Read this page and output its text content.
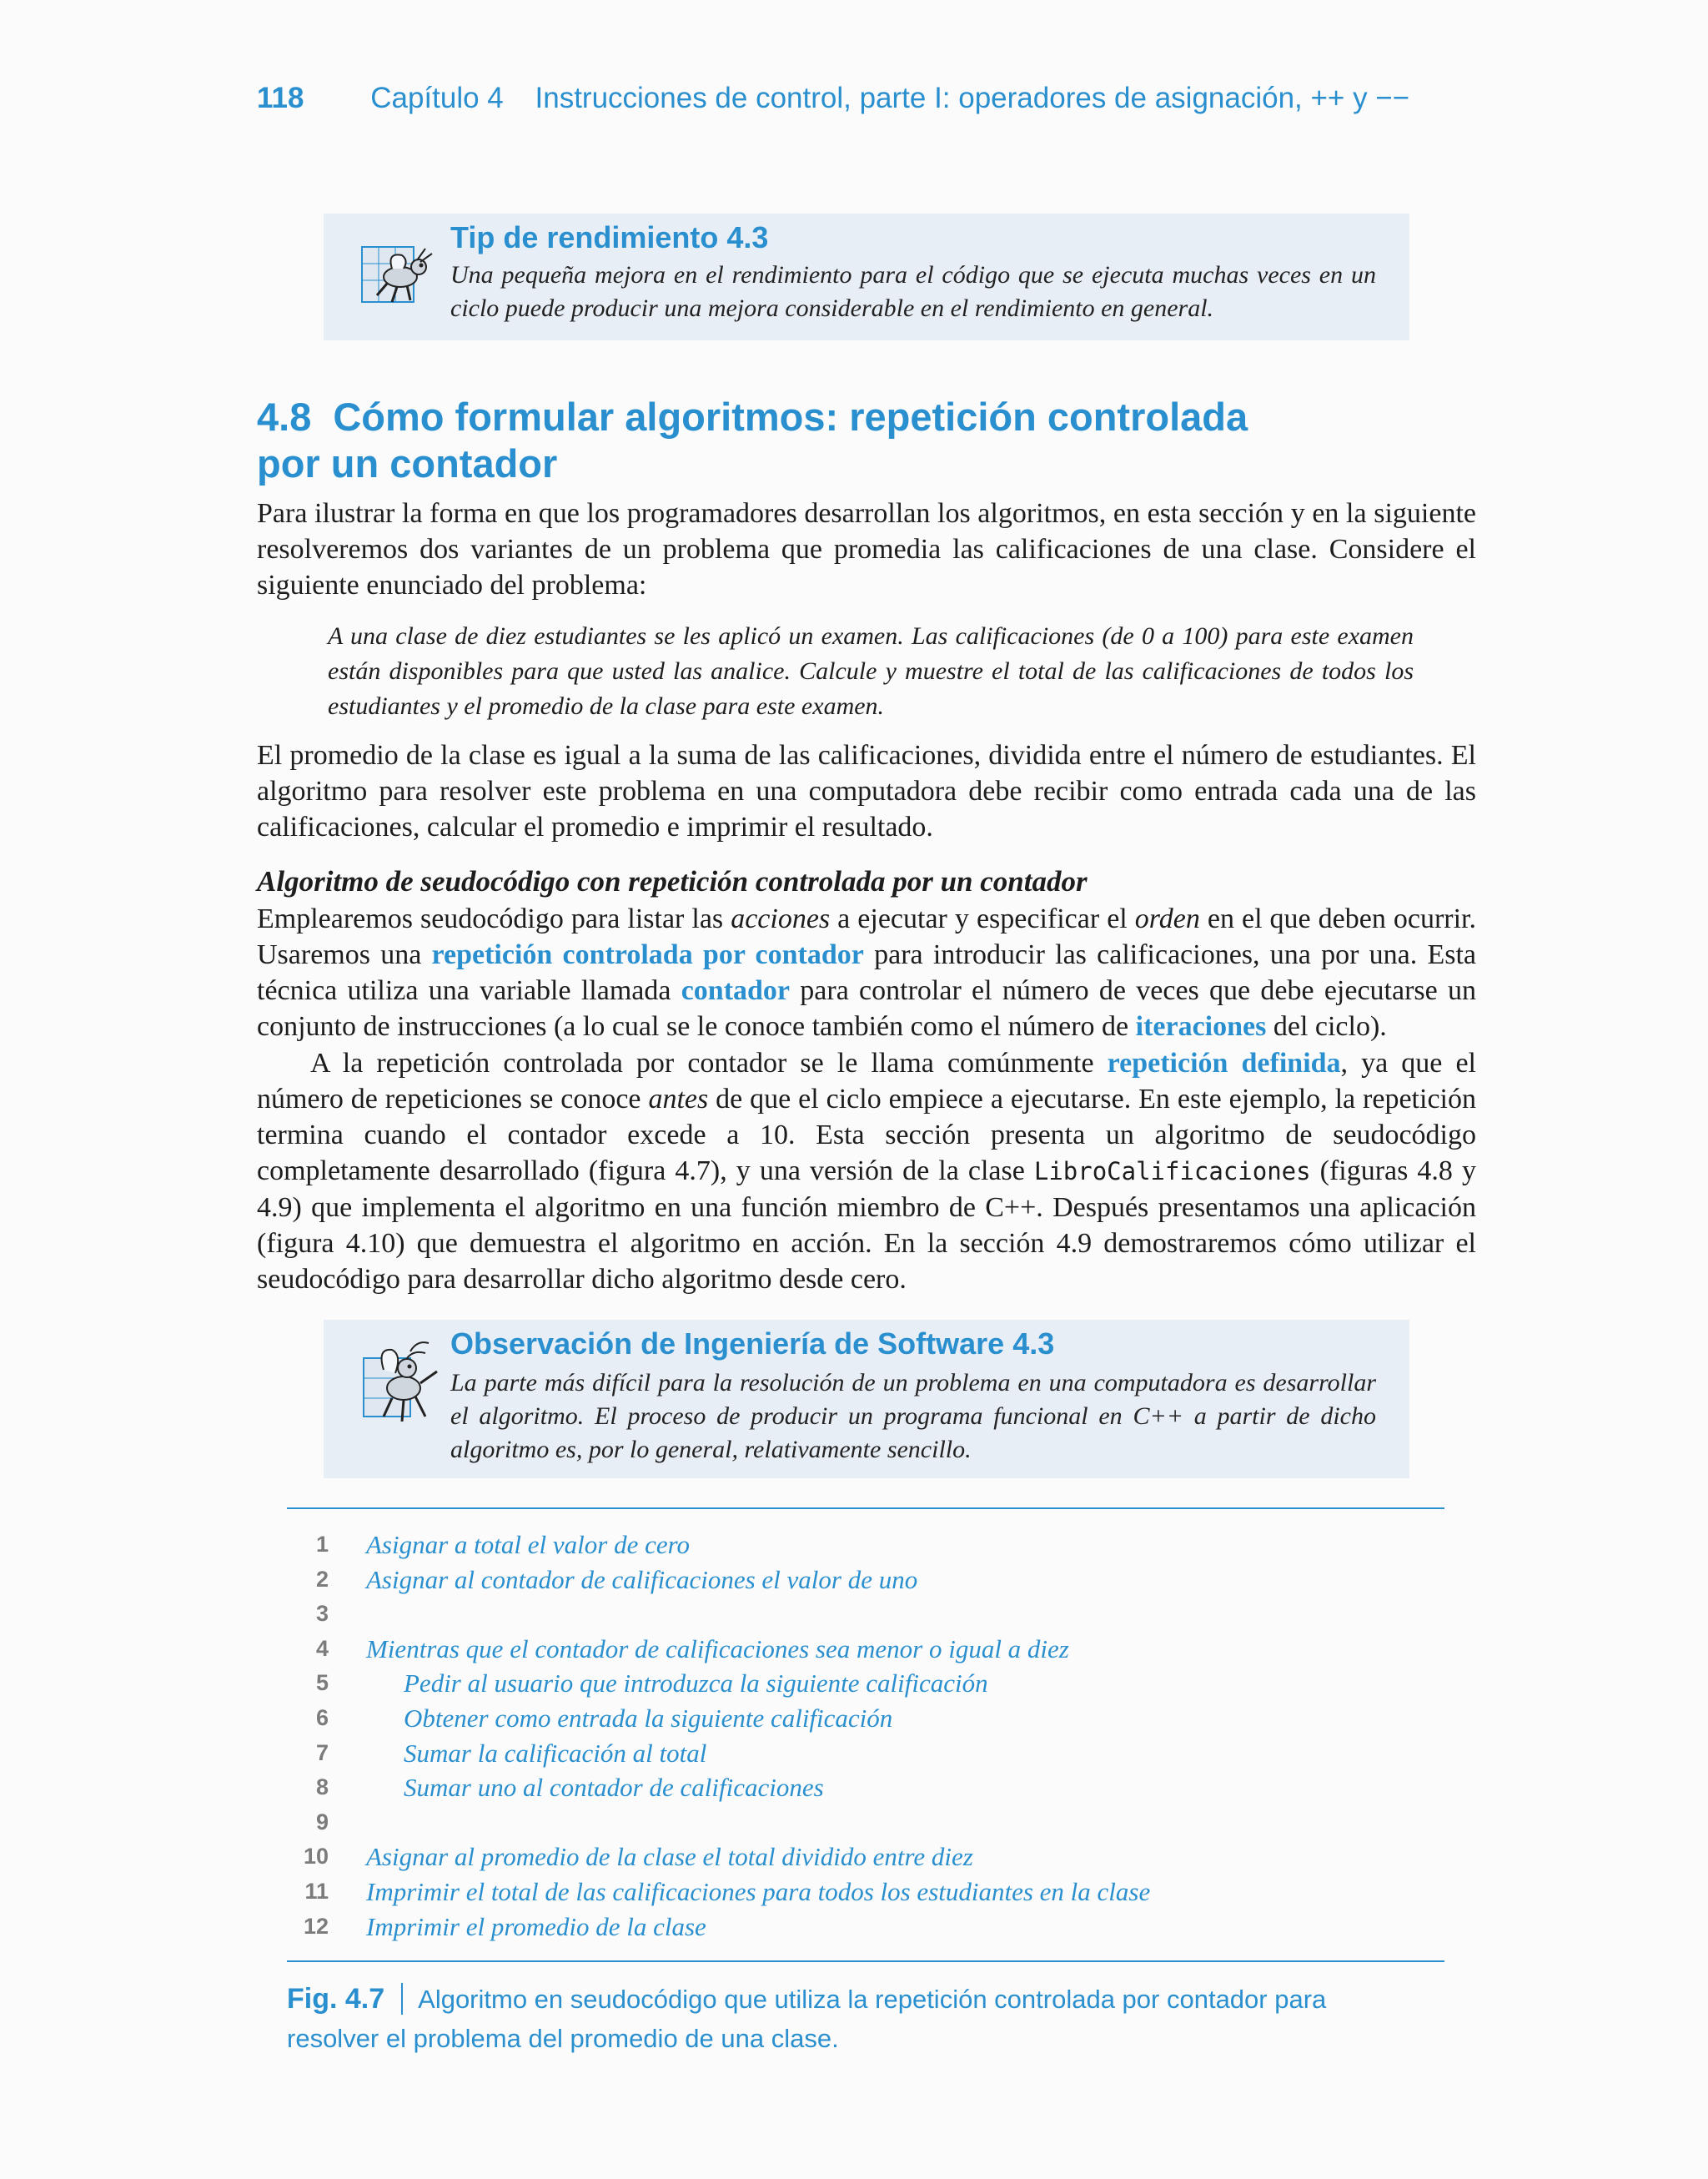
118 Capítulo 4 Instrucciones de control, parte I: operadores de asignación, ++ y −−
Tip de rendimiento 4.3
Una pequeña mejora en el rendimiento para el código que se ejecuta muchas veces en un ciclo puede producir una mejora considerable en el rendimiento en general.
4.8 Cómo formular algoritmos: repetición controlada
por un contador
Para ilustrar la forma en que los programadores desarrollan los algoritmos, en esta sección y en la siguiente resolveremos dos variantes de un problema que promedia las calificaciones de una clase. Considere el siguiente enunciado del problema:
A una clase de diez estudiantes se les aplicó un examen. Las calificaciones (de 0 a 100) para este examen están disponibles para que usted las analice. Calcule y muestre el total de las calificaciones de todos los estudiantes y el promedio de la clase para este examen.
El promedio de la clase es igual a la suma de las calificaciones, dividida entre el número de estudiantes. El algoritmo para resolver este problema en una computadora debe recibir como entrada cada una de las calificaciones, calcular el promedio e imprimir el resultado.
Algoritmo de seudocódigo con repetición controlada por un contador
Emplearemos seudocódigo para listar las acciones a ejecutar y especificar el orden en el que deben ocurrir. Usaremos una repetición controlada por contador para introducir las calificaciones, una por una. Esta técnica utiliza una variable llamada contador para controlar el número de veces que debe ejecutarse un conjunto de instrucciones (a lo cual se le conoce también como el número de iteraciones del ciclo).
A la repetición controlada por contador se le llama comúnmente repetición definida, ya que el número de repeticiones se conoce antes de que el ciclo empiece a ejecutarse. En este ejemplo, la repetición termina cuando el contador excede a 10. Esta sección presenta un algoritmo de seudocódigo completamente desarrollado (figura 4.7), y una versión de la clase LibroCalificaciones (figuras 4.8 y 4.9) que implementa el algoritmo en una función miembro de C++. Después presentamos una aplicación (figura 4.10) que demuestra el algoritmo en acción. En la sección 4.9 demostraremos cómo utilizar el seudocódigo para desarrollar dicho algoritmo desde cero.
Observación de Ingeniería de Software 4.3
La parte más difícil para la resolución de un problema en una computadora es desarrollar el algoritmo. El proceso de producir un programa funcional en C++ a partir de dicho algoritmo es, por lo general, relativamente sencillo.
1 Asignar a total el valor de cero
2 Asignar al contador de calificaciones el valor de uno
3
4 Mientras que el contador de calificaciones sea menor o igual a diez
5	Pedir al usuario que introduzca la siguiente calificación
6	Obtener como entrada la siguiente calificación
7	Sumar la calificación al total
8	Sumar uno al contador de calificaciones
9
10 Asignar al promedio de la clase el total dividido entre diez
11 Imprimir el total de las calificaciones para todos los estudiantes en la clase
12 Imprimir el promedio de la clase
Fig. 4.7 Algoritmo en seudocódigo que utiliza la repetición controlada por contador para resolver el problema del promedio de una clase.
